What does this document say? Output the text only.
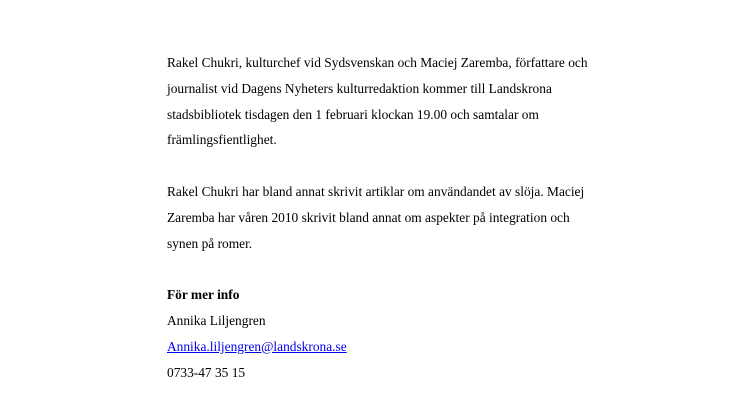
Rakel Chukri, kulturchef vid Sydsvenskan och Maciej Zaremba, författare och
journalist vid Dagens Nyheters kulturredaktion kommer till Landskrona
stadsbibliotek tisdagen den 1 februari klockan 19.00 och samtalar om
främlingsfientlighet.

Rakel Chukri har bland annat skrivit artiklar om användandet av slöja. Maciej
Zaremba har våren 2010 skrivit bland annat om aspekter på integration och
synen på romer.

För mer info
Annika Liljengren
Annika.liljengren@landskrona.se
0733-47 35 15
